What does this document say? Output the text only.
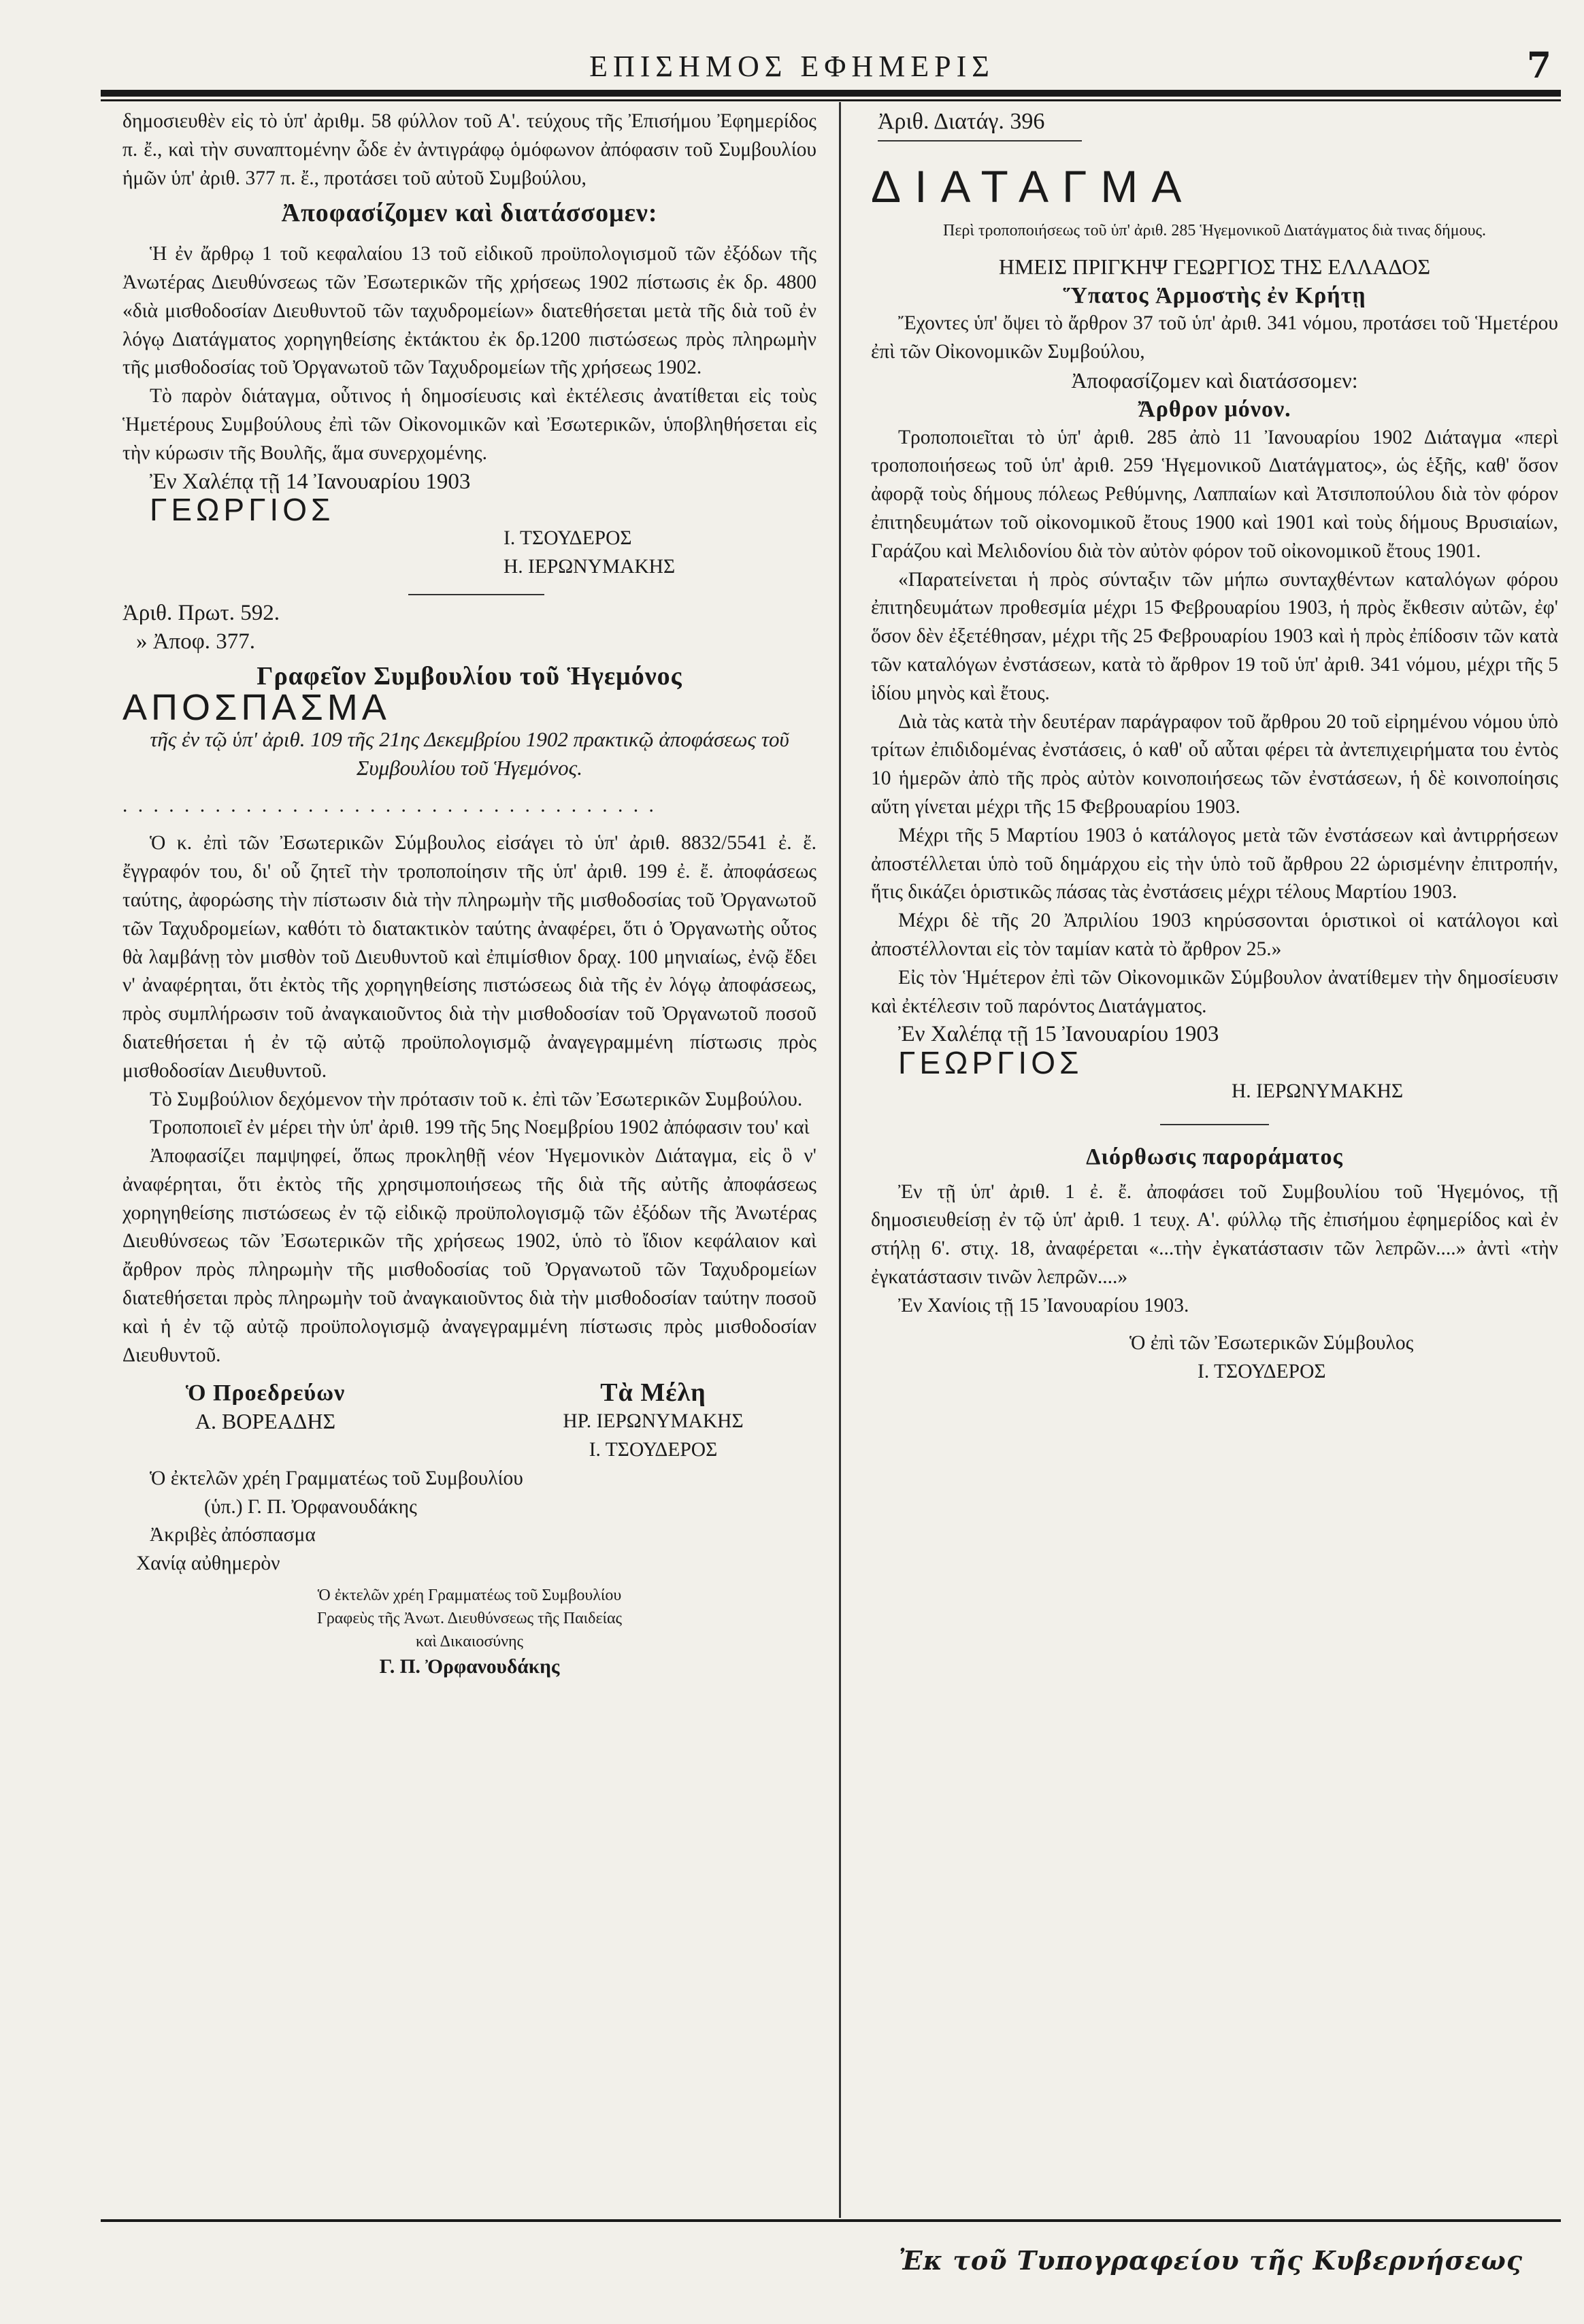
ΕΠΙΣΗΜΟΣ ΕΦΗΜΕΡΙΣ	7

δημοσιευθὲν εἰς τὸ ὑπ' ἀριθμ. 58 φύλλον τοῦ Α'. τεύχους τῆς Ἐπισήμου Ἐφημερίδος π. ἔ., καὶ τὴν συναπτομένην ὧδε ἐν ἀντιγράφῳ ὁμόφωνον ἀπόφασιν τοῦ Συμβουλίου ἡμῶν ὑπ' ἀριθ. 377 π. ἔ., προτάσει τοῦ αὐτοῦ Συμβούλου,

Ἀποφασίζομεν καὶ διατάσσομεν:

Ἡ ἐν ἄρθρῳ 1 τοῦ κεφαλαίου 13 τοῦ εἰδικοῦ προϋπολογισμοῦ τῶν ἐξόδων τῆς Ἀνωτέρας Διευθύνσεως τῶν Ἐσωτερικῶν τῆς χρήσεως 1902 πίστωσις ἐκ δρ. 4800 «διὰ μισθοδοσίαν Διευθυντοῦ τῶν ταχυδρομείων» διατεθήσεται μετὰ τῆς διὰ τοῦ ἐν λόγῳ Διατάγματος χορηγηθείσης ἐκτάκτου ἐκ δρ.1200 πιστώσεως πρὸς πληρωμὴν τῆς μισθοδοσίας τοῦ Ὀργανωτοῦ τῶν Ταχυδρομείων τῆς χρήσεως 1902.

Τὸ παρὸν διάταγμα, οὗτινος ἡ δημοσίευσις καὶ ἐκτέλεσις ἀνατίθεται εἰς τοὺς Ἡμετέρους Συμβούλους ἐπὶ τῶν Οἰκονομικῶν καὶ Ἐσωτερικῶν, ὑποβληθήσεται εἰς τὴν κύρωσιν τῆς Βουλῆς, ἅμα συνερχομένης.

Ἐν Χαλέπᾳ τῇ 14 Ἰανουαρίου 1903

ΓΕΩΡΓΙΟΣ

Ι. ΤΣΟΥΔΕΡΟΣ

Η. ΙΕΡΩΝΥΜΑΚΗΣ

Ἀριθ. Πρωτ. 592.

» Ἀποφ. 377.

Γραφεῖον Συμβουλίου τοῦ Ἡγεμόνος

ΑΠΟΣΠΑΣΜΑ

τῆς ἐν τῷ ὑπ' ἀριθ. 109 τῆς 21ης Δεκεμβρίου 1902 πρακτικῷ ἀποφάσεως τοῦ Συμβουλίου τοῦ Ἡγεμόνος.

. . . . . . . . . . . . . . . . . . . . . . . . . . . . . . . . . . .

Ὁ κ. ἐπὶ τῶν Ἐσωτερικῶν Σύμβουλος εἰσάγει τὸ ὑπ' ἀριθ. 8832/5541 ἐ. ἔ. ἔγγραφόν του, δι' οὗ ζητεῖ τὴν τροποποίησιν τῆς ὑπ' ἀριθ. 199 ἐ. ἔ. ἀποφάσεως ταύτης, ἀφορώσης τὴν πίστωσιν διὰ τὴν πληρωμὴν τῆς μισθοδοσίας τοῦ Ὀργανωτοῦ τῶν Ταχυδρομείων, καθότι τὸ διατακτικὸν ταύτης ἀναφέρει, ὅτι ὁ Ὀργανωτὴς οὗτος θὰ λαμβάνῃ τὸν μισθὸν τοῦ Διευθυντοῦ καὶ ἐπιμίσθιον δραχ. 100 μηνιαίως, ἐνῷ ἔδει ν' ἀναφέρηται, ὅτι ἐκτὸς τῆς χορηγηθείσης πιστώσεως διὰ τῆς ἐν λόγῳ ἀποφάσεως, πρὸς συμπλήρωσιν τοῦ ἀναγκαιοῦντος διὰ τὴν μισθοδοσίαν τοῦ Ὀργανωτοῦ ποσοῦ διατεθήσεται ἡ ἐν τῷ αὐτῷ προϋπολογισμῷ ἀναγεγραμμένη πίστωσις πρὸς μισθοδοσίαν Διευθυντοῦ.

Τὸ Συμβούλιον δεχόμενον τὴν πρότασιν τοῦ κ. ἐπὶ τῶν Ἐσωτερικῶν Συμβούλου.

Τροποποιεῖ ἐν μέρει τὴν ὑπ' ἀριθ. 199 τῆς 5ης Νοεμβρίου 1902 ἀπόφασιν του' καὶ

Ἀποφασίζει παμψηφεί, ὅπως προκληθῇ νέον Ἡγεμονικὸν Διάταγμα, εἰς ὃ ν' ἀναφέρηται, ὅτι ἐκτὸς τῆς χρησιμοποιήσεως τῆς διὰ τῆς αὐτῆς ἀποφάσεως χορηγηθείσης πιστώσεως ἐν τῷ εἰδικῷ προϋπολογισμῷ τῶν ἐξόδων τῆς Ἀνωτέρας Διευθύνσεως τῶν Ἐσωτερικῶν τῆς χρήσεως 1902, ὑπὸ τὸ ἴδιον κεφάλαιον καὶ ἄρθρον πρὸς πληρωμὴν τῆς μισθοδοσίας τοῦ Ὀργανωτοῦ τῶν Ταχυδρομείων διατεθήσεται πρὸς πληρωμὴν τοῦ ἀναγκαιοῦντος διὰ τὴν μισθοδοσίαν ταύτην ποσοῦ καὶ ἡ ἐν τῷ αὐτῷ προϋπολογισμῷ ἀναγεγραμμένη πίστωσις πρὸς μισθοδοσίαν Διευθυντοῦ.

Ὁ Προεδρεύων

Α. ΒΟΡΕΑΔΗΣ

Τὰ Μέλη

ΗΡ. ΙΕΡΩΝΥΜΑΚΗΣ

Ι. ΤΣΟΥΔΕΡΟΣ

Ὁ ἐκτελῶν χρέη Γραμματέως τοῦ Συμβουλίου

(ὑπ.) Γ. Π. Ὀρφανουδάκης

Ἀκριβὲς ἀπόσπασμα

Χανίᾳ αὐθημερὸν

Ὁ ἐκτελῶν χρέη Γραμματέως τοῦ Συμβουλίου

Γραφεὺς τῆς Ἀνωτ. Διευθύνσεως τῆς Παιδείας

καὶ Δικαιοσύνης

Γ. Π. Ὀρφανουδάκης

Ἀριθ. Διατάγ. 396

ΔΙΑΤΑΓΜΑ

Περὶ τροποποιήσεως τοῦ ὑπ' ἀριθ. 285 Ἡγεμονικοῦ Διατάγματος διὰ τινας δήμους.

ΗΜΕΙΣ ΠΡΙΓΚΗΨ ΓΕΩΡΓΙΟΣ ΤΗΣ ΕΛΛΑΔΟΣ

Ὕπατος Ἁρμοστὴς ἐν Κρήτῃ

Ἔχοντες ὑπ' ὄψει τὸ ἄρθρον 37 τοῦ ὑπ' ἀριθ. 341 νόμου, προτάσει τοῦ Ἡμετέρου ἐπὶ τῶν Οἰκονομικῶν Συμβούλου,

Ἀποφασίζομεν καὶ διατάσσομεν:

Ἄρθρον μόνον.

Τροποποιεῖται τὸ ὑπ' ἀριθ. 285 ἀπὸ 11 Ἰανουαρίου 1902 Διάταγμα «περὶ τροποποιήσεως τοῦ ὑπ' ἀριθ. 259 Ἡγεμονικοῦ Διατάγματος», ὡς ἑξῆς, καθ' ὅσον ἀφορᾷ τοὺς δήμους πόλεως Ρεθύμνης, Λαππαίων καὶ Ἀτσιποπούλου διὰ τὸν φόρον ἐπιτηδευμάτων τοῦ οἰκονομικοῦ ἔτους 1900 καὶ 1901 καὶ τοὺς δήμους Βρυσιαίων, Γαράζου καὶ Μελιδονίου διὰ τὸν αὐτὸν φόρον τοῦ οἰκονομικοῦ ἔτους 1901.

«Παρατείνεται ἡ πρὸς σύνταξιν τῶν μήπω συνταχθέντων καταλόγων φόρου ἐπιτηδευμάτων προθεσμία μέχρι 15 Φεβρουαρίου 1903, ἡ πρὸς ἔκθεσιν αὐτῶν, ἐφ' ὅσον δὲν ἐξετέθησαν, μέχρι τῆς 25 Φεβρουαρίου 1903 καὶ ἡ πρὸς ἐπίδοσιν τῶν κατὰ τῶν καταλόγων ἐνστάσεων, κατὰ τὸ ἄρθρον 19 τοῦ ὑπ' ἀριθ. 341 νόμου, μέχρι τῆς 5 ἰδίου μηνὸς καὶ ἔτους.

Διὰ τὰς κατὰ τὴν δευτέραν παράγραφον τοῦ ἄρθρου 20 τοῦ εἰρημένου νόμου ὑπὸ τρίτων ἐπιδιδομένας ἐνστάσεις, ὁ καθ' οὗ αὗται φέρει τὰ ἀντεπιχειρήματα του ἐντὸς 10 ἡμερῶν ἀπὸ τῆς πρὸς αὐτὸν κοινοποιήσεως τῶν ἐνστάσεων, ἡ δὲ κοινοποίησις αὕτη γίνεται μέχρι τῆς 15 Φεβρουαρίου 1903.

Μέχρι τῆς 5 Μαρτίου 1903 ὁ κατάλογος μετὰ τῶν ἐνστάσεων καὶ ἀντιρρήσεων ἀποστέλλεται ὑπὸ τοῦ δημάρχου εἰς τὴν ὑπὸ τοῦ ἄρθρου 22 ὡρισμένην ἐπιτροπήν, ἥτις δικάζει ὁριστικῶς πάσας τὰς ἐνστάσεις μέχρι τέλους Μαρτίου 1903.

Μέχρι δὲ τῆς 20 Ἀπριλίου 1903 κηρύσσονται ὁριστικοὶ οἱ κατάλογοι καὶ ἀποστέλλονται εἰς τὸν ταμίαν κατὰ τὸ ἄρθρον 25.»

Εἰς τὸν Ἡμέτερον ἐπὶ τῶν Οἰκονομικῶν Σύμβουλον ἀνατίθεμεν τὴν δημοσίευσιν καὶ ἐκτέλεσιν τοῦ παρόντος Διατάγματος.

Ἐν Χαλέπᾳ τῇ 15 Ἰανουαρίου 1903

ΓΕΩΡΓΙΟΣ

Η. ΙΕΡΩΝΥΜΑΚΗΣ

Διόρθωσις παροράματος

Ἐν τῇ ὑπ' ἀριθ. 1 ἐ. ἔ. ἀποφάσει τοῦ Συμβουλίου τοῦ Ἡγεμόνος, τῇ δημοσιευθείσῃ ἐν τῷ ὑπ' ἀριθ. 1 τευχ. Α'. φύλλῳ τῆς ἐπισήμου ἐφημερίδος καὶ ἐν στήλῃ 6'. στιχ. 18, ἀναφέρεται «...τὴν ἐγκατάστασιν τῶν λεπρῶν....» ἀντὶ «τὴν ἐγκατάστασιν τινῶν λεπρῶν....»

Ἐν Χανίοις τῇ 15 Ἰανουαρίου 1903.

Ὁ ἐπὶ τῶν Ἐσωτερικῶν Σύμβουλος

Ι. ΤΣΟΥΔΕΡΟΣ

Ἐκ τοῦ Τυπογραφείου τῆς Κυβερνήσεως
